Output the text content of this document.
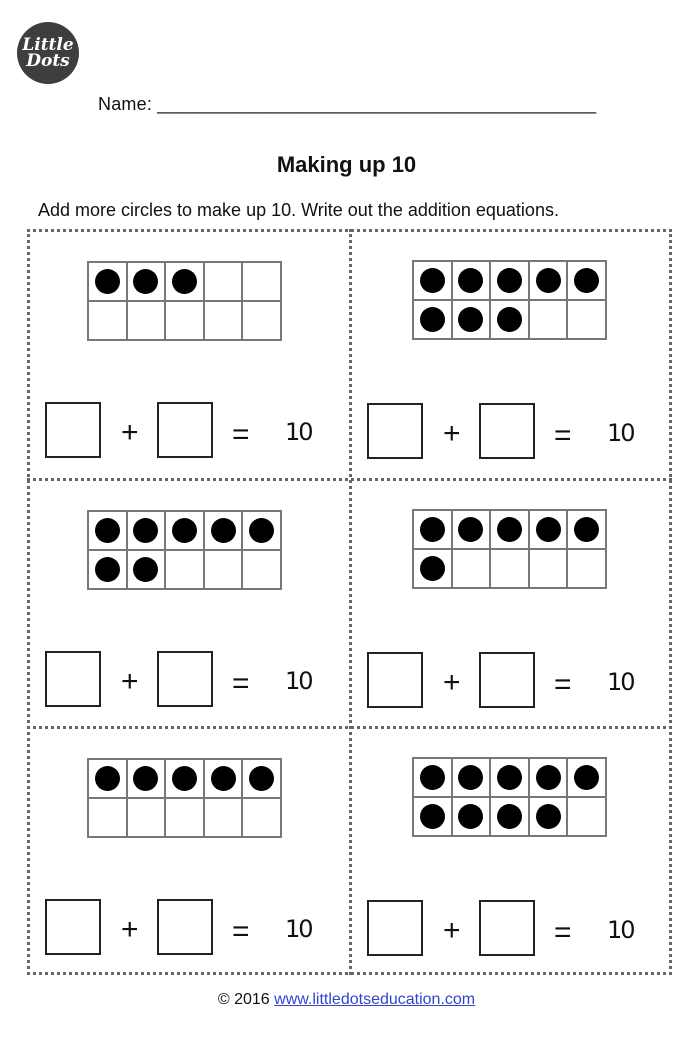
Little
Dots
Name: ___________________________________________
Making up 10
Add more circles to make up 10. Write out the addition equations.
+	= 10	+	= 10
+	= 10	+	= 10
+	= 10	+	= 10
© 2016 www.littledotseducation.com
